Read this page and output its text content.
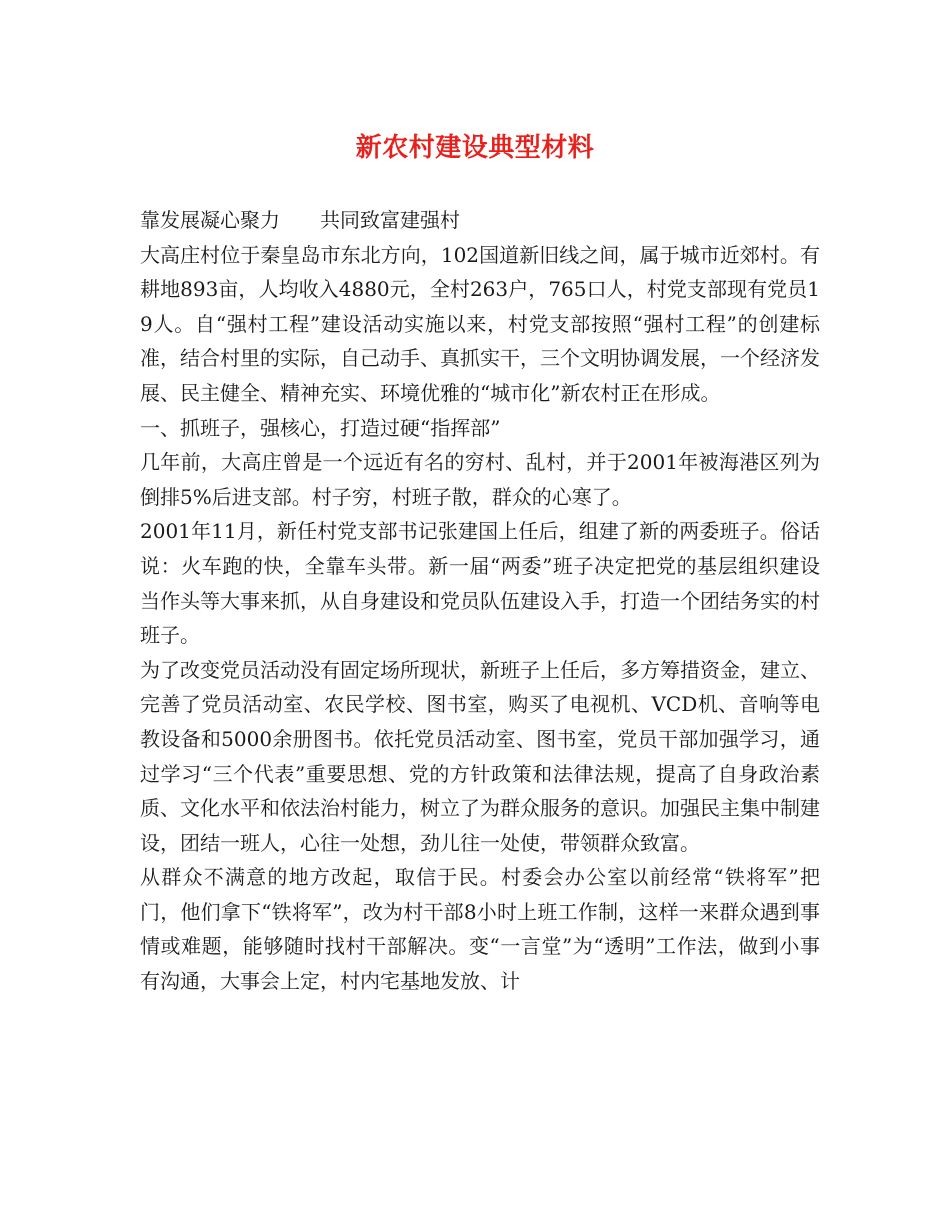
新农村建设典型材料

靠发展凝心聚力　　共同致富建强村

大高庄村位于秦皇岛市东北方向，102国道新旧线之间，属于城市近郊村。有耕地893亩，人均收入4880元，全村263户，765口人，村党支部现有党员19人。自“强村工程”建设活动实施以来，村党支部按照“强村工程”的创建标准，结合村里的实际，自己动手、真抓实干，三个文明协调发展，一个经济发展、民主健全、精神充实、环境优雅的“城市化”新农村正在形成。

一、抓班子，强核心，打造过硬“指挥部”

几年前，大高庄曾是一个远近有名的穷村、乱村，并于2001年被海港区列为倒排5%后进支部。村子穷，村班子散，群众的心寒了。

2001年11月，新任村党支部书记张建国上任后，组建了新的两委班子。俗话说：火车跑的快，全靠车头带。新一届“两委”班子决定把党的基层组织建设当作头等大事来抓，从自身建设和党员队伍建设入手，打造一个团结务实的村班子。

为了改变党员活动没有固定场所现状，新班子上任后，多方筹措资金，建立、完善了党员活动室、农民学校、图书室，购买了电视机、VCD机、音响等电教设备和5000余册图书。依托党员活动室、图书室，党员干部加强学习，通过学习“三个代表”重要思想、党的方针政策和法律法规，提高了自身政治素质、文化水平和依法治村能力，树立了为群众服务的意识。加强民主集中制建设，团结一班人，心往一处想，劲儿往一处使，带领群众致富。

从群众不满意的地方改起，取信于民。村委会办公室以前经常“铁将军”把门，他们拿下“铁将军”，改为村干部8小时上班工作制，这样一来群众遇到事情或难题，能够随时找村干部解决。变“一言堂”为“透明”工作法，做到小事有沟通，大事会上定，村内宅基地发放、计
